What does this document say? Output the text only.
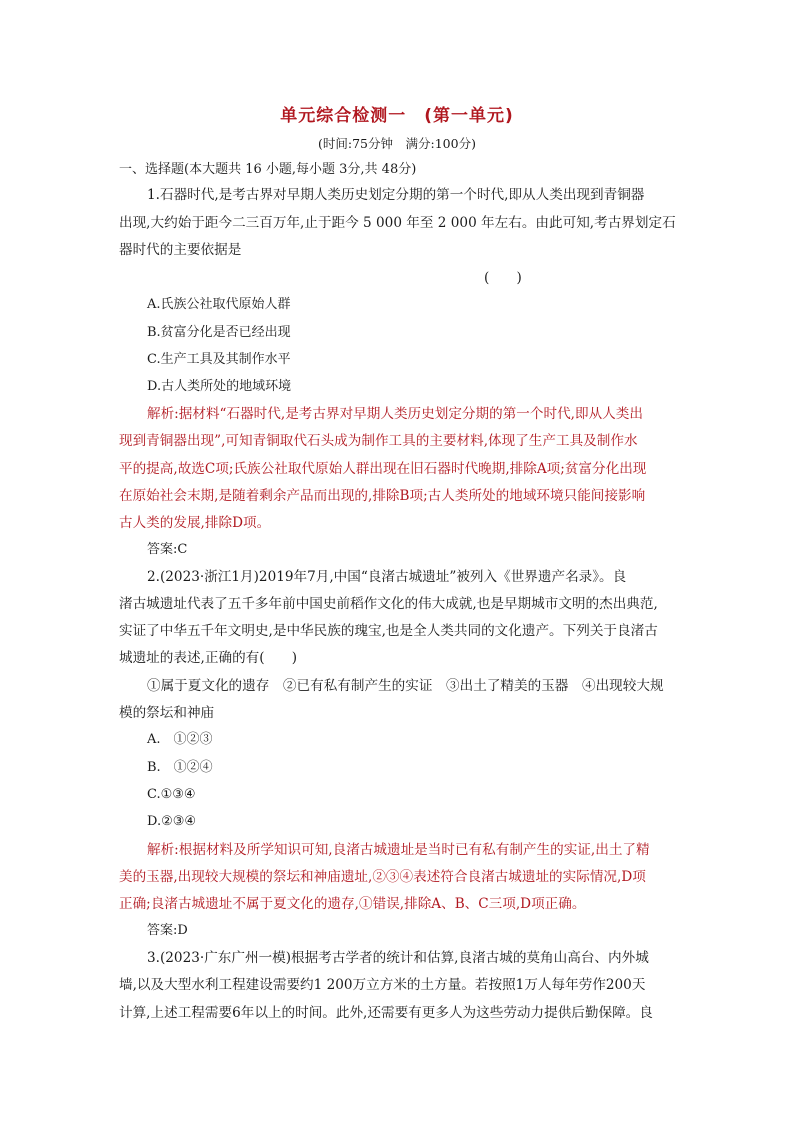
单元综合检测一　(第一单元)
(时间:75分钟　满分:100分)
一、选择题(本大题共 16 小题,每小题 3分,共 48分)
1.石器时代,是考古界对早期人类历史划定分期的第一个时代,即从人类出现到青铜器
出现,大约始于距今二三百万年,止于距今 5 000 年至 2 000 年左右。由此可知,考古界划定石
器时代的主要依据是
(　　)
A.氏族公社取代原始人群
B.贫富分化是否已经出现
C.生产工具及其制作水平
D.古人类所处的地域环境
解析:据材料“石器时代,是考古界对早期人类历史划定分期的第一个时代,即从人类出
现到青铜器出现”,可知青铜取代石头成为制作工具的主要材料,体现了生产工具及制作水
平的提高,故选C项;氏族公社取代原始人群出现在旧石器时代晚期,排除A项;贫富分化出现
在原始社会末期,是随着剩余产品而出现的,排除B项;古人类所处的地域环境只能间接影响
古人类的发展,排除D项。
答案:C
2.(2023·浙江1月)2019年7月,中国“良渚古城遗址”被列入《世界遗产名录》。良
渚古城遗址代表了五千多年前中国史前稻作文化的伟大成就,也是早期城市文明的杰出典范,
实证了中华五千年文明史,是中华民族的瑰宝,也是全人类共同的文化遗产。下列关于良渚古
城遗址的表述,正确的有(　　)
①属于夏文化的遗存　②已有私有制产生的实证　③出土了精美的玉器　④出现较大规
模的祭坛和神庙
A.　①②③
B.　①②④
C.①③④
D.②③④
解析:根据材料及所学知识可知,良渚古城遗址是当时已有私有制产生的实证,出土了精
美的玉器,出现较大规模的祭坛和神庙遗址,②③④表述符合良渚古城遗址的实际情况,D项
正确;良渚古城遗址不属于夏文化的遗存,①错误,排除A、B、C三项,D项正确。
答案:D
3.(2023·广东广州一模)根据考古学者的统计和估算,良渚古城的莫角山高台、内外城
墙,以及大型水利工程建设需要约1 200万立方米的土方量。若按照1万人每年劳作200天
计算,上述工程需要6年以上的时间。此外,还需要有更多人为这些劳动力提供后勤保障。良
